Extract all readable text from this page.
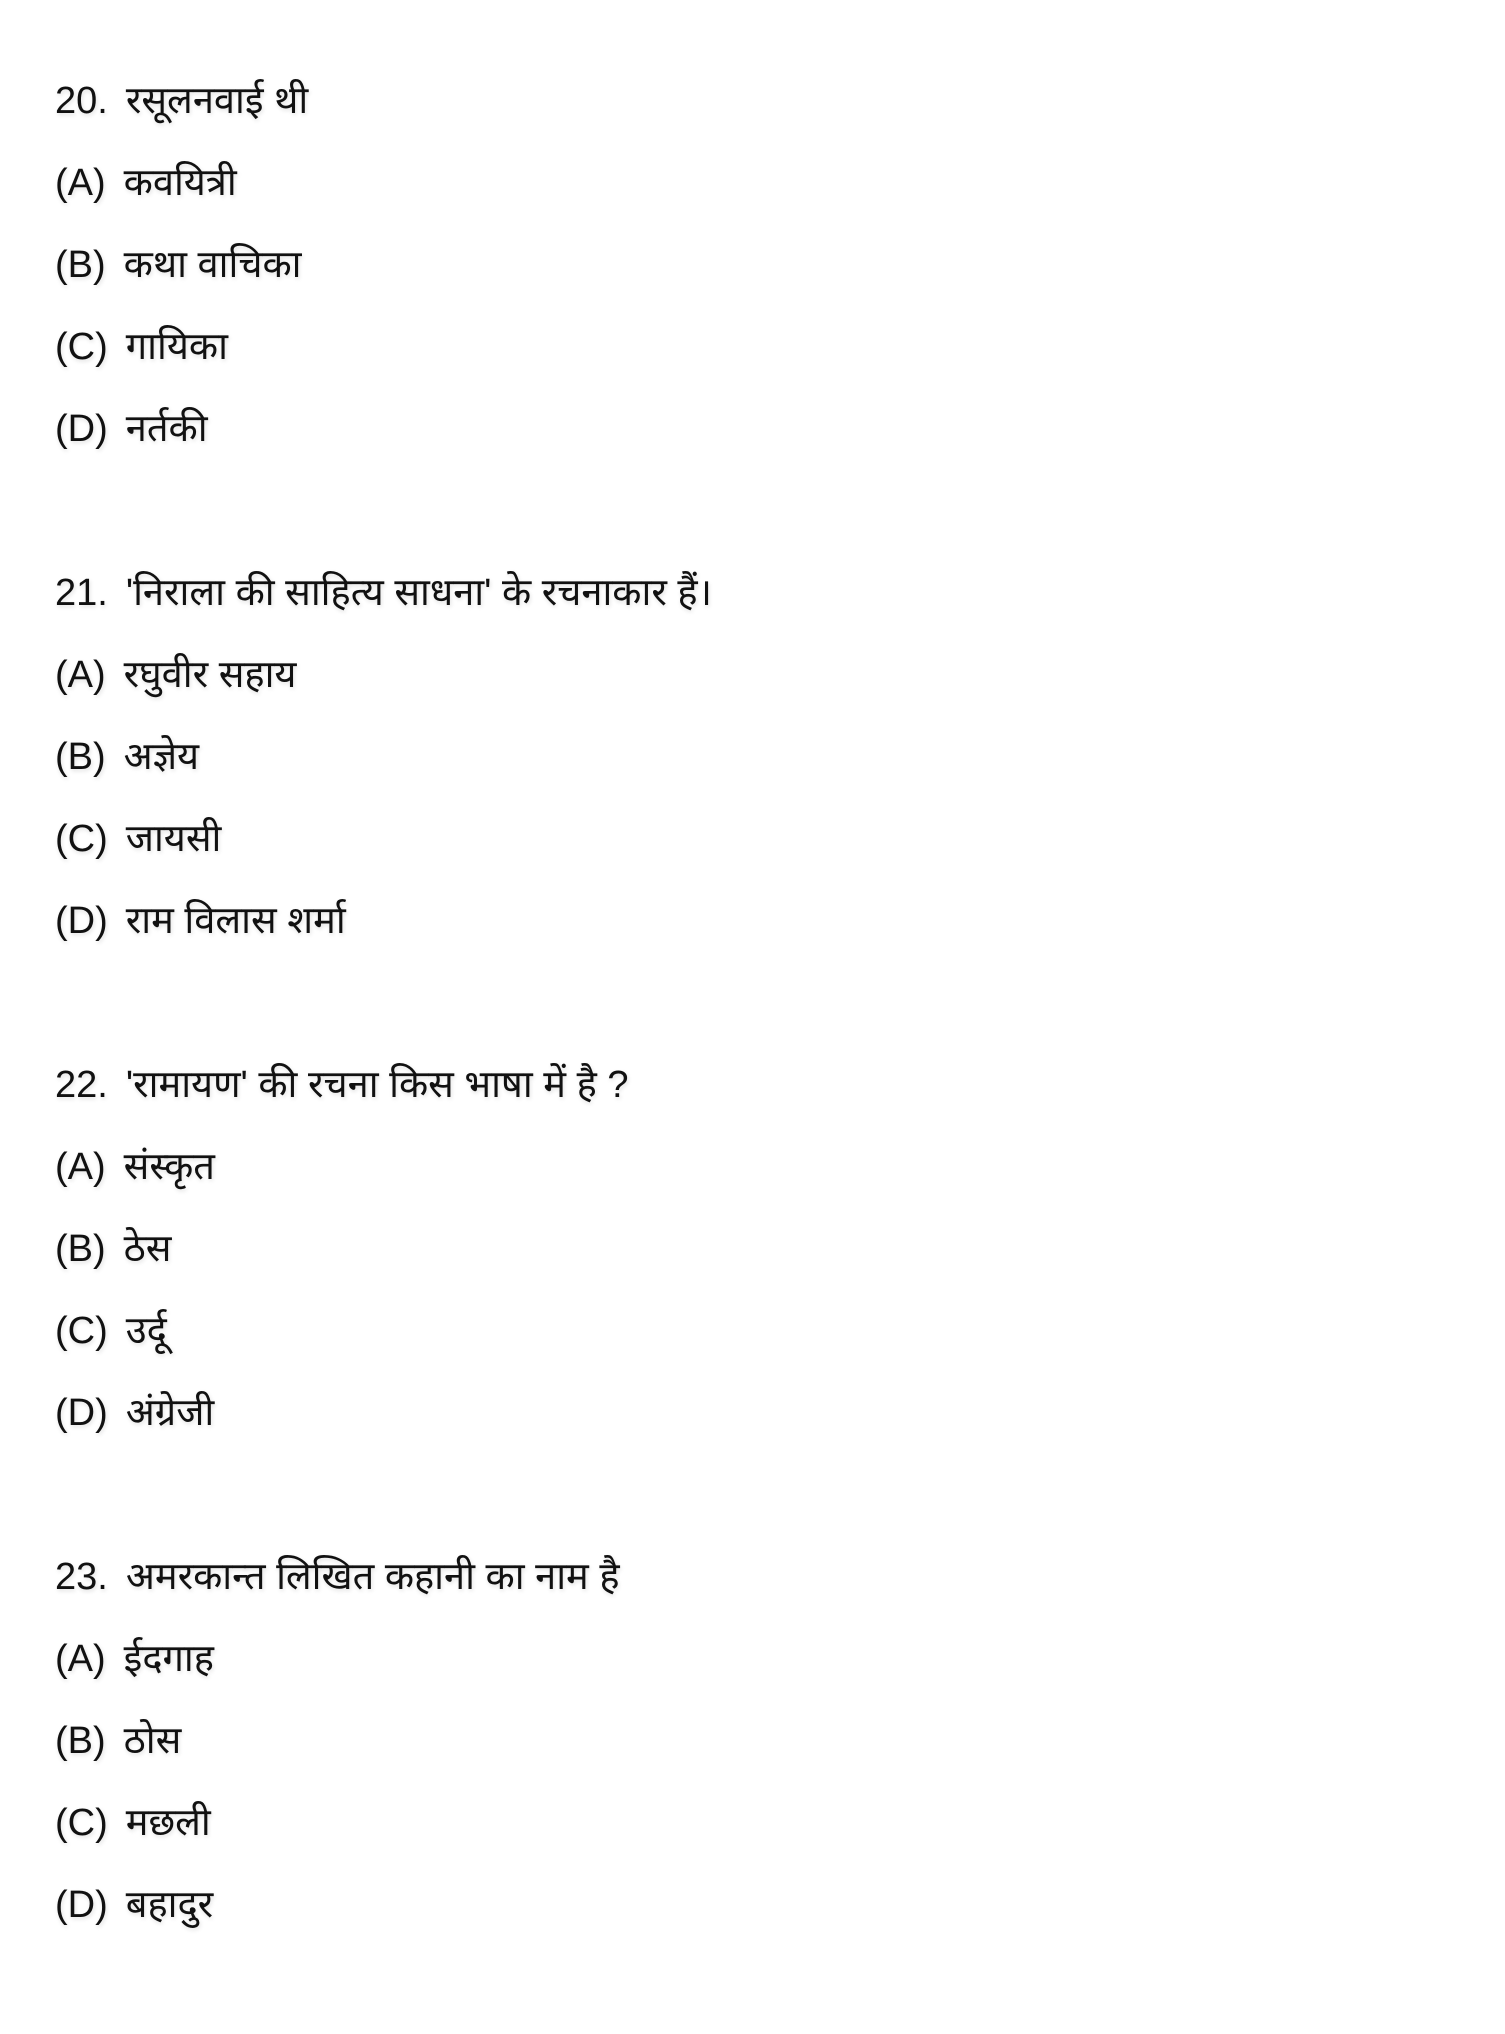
20. रसूलनवाई थी
(A) कवयित्री
(B) कथा वाचिका
(C) गायिका
(D) नर्तकी
21. 'निराला की साहित्य साधना' के रचनाकार हैं।
(A) रघुवीर सहाय
(B) अज्ञेय
(C) जायसी
(D) राम विलास शर्मा
22. 'रामायण' की रचना किस भाषा में है ?
(A) संस्कृत
(B) ठेस
(C) उर्दू
(D) अंग्रेजी
23. अमरकान्त लिखित कहानी का नाम है
(A) ईदगाह
(B) ठोस
(C) मछली
(D) बहादुर
